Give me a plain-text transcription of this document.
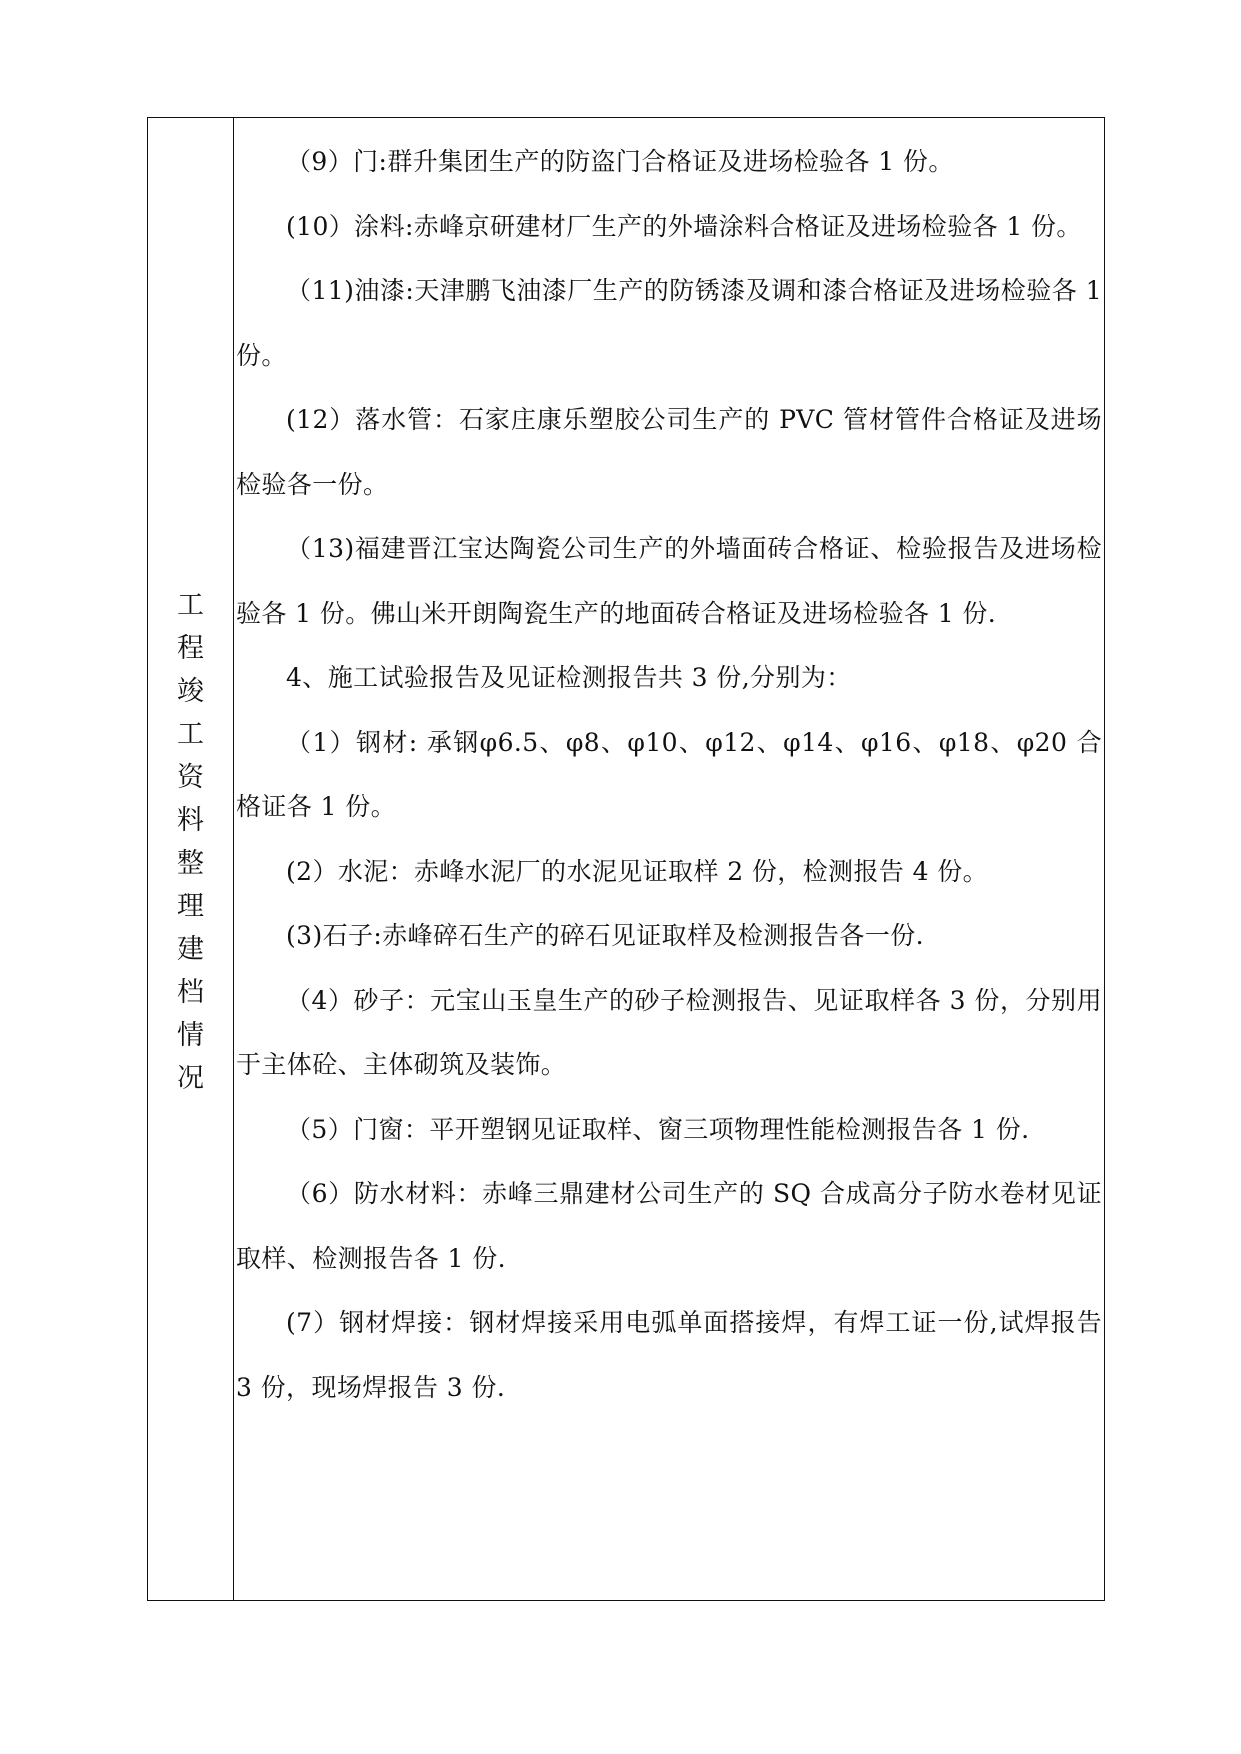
工
程
竣
工
资
料
整
理
建
档
情
况

（9）门:群升集团生产的防盗门合格证及进场检验各 1 份。

(10）涂料:赤峰京研建材厂生产的外墙涂料合格证及进场检验各 1 份。

（11)油漆:天津鹏飞油漆厂生产的防锈漆及调和漆合格证及进场检验各 1 份。

(12）落水管：石家庄康乐塑胶公司生产的 PVC 管材管件合格证及进场检验各一份。

（13)福建晋江宝达陶瓷公司生产的外墙面砖合格证、检验报告及进场检验各 1 份。佛山米开朗陶瓷生产的地面砖合格证及进场检验各 1 份.

4、施工试验报告及见证检测报告共 3 份,分别为：

（1）钢材: 承钢φ6.5、φ8、φ10、φ12、φ14、φ16、φ18、φ20 合格证各 1 份。

(2）水泥：赤峰水泥厂的水泥见证取样 2 份，检测报告 4 份。

(3)石子:赤峰碎石生产的碎石见证取样及检测报告各一份.

（4）砂子：元宝山玉皇生产的砂子检测报告、见证取样各 3 份，分别用于主体砼、主体砌筑及装饰。

（5）门窗：平开塑钢见证取样、窗三项物理性能检测报告各 1 份.

（6）防水材料：赤峰三鼎建材公司生产的 SQ 合成高分子防水卷材见证取样、检测报告各 1 份.

(7）钢材焊接：钢材焊接采用电弧单面搭接焊，有焊工证一份,试焊报告 3 份，现场焊报告 3 份.
